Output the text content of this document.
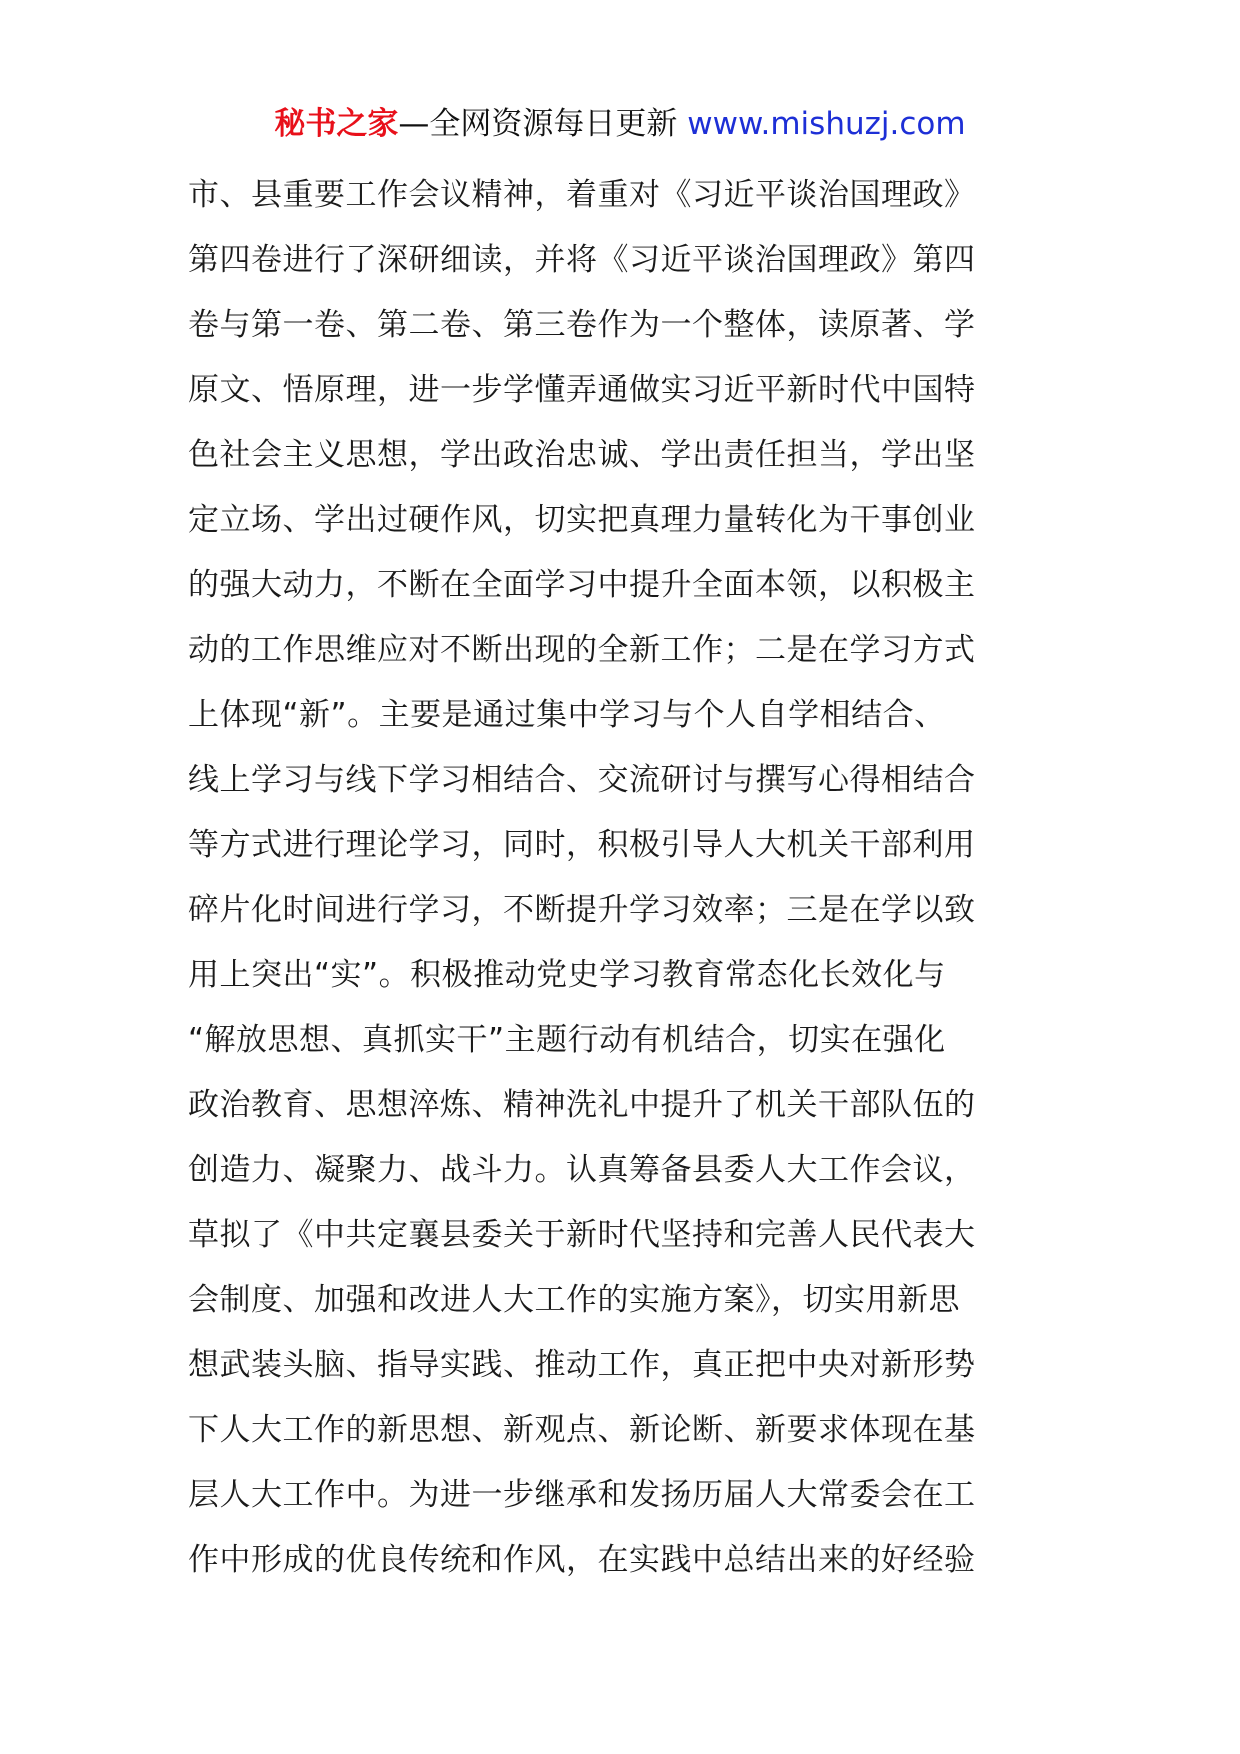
秘书之家—全网资源每日更新 www.mishuzj.com
市、县重要工作会议精神，着重对《习近平谈治国理政》
第四卷进行了深研细读，并将《习近平谈治国理政》第四
卷与第一卷、第二卷、第三卷作为一个整体，读原著、学
原文、悟原理，进一步学懂弄通做实习近平新时代中国特
色社会主义思想，学出政治忠诚、学出责任担当，学出坚
定立场、学出过硬作风，切实把真理力量转化为干事创业
的强大动力，不断在全面学习中提升全面本领，以积极主
动的工作思维应对不断出现的全新工作；二是在学习方式
上体现“新”。主要是通过集中学习与个人自学相结合、
线上学习与线下学习相结合、交流研讨与撰写心得相结合
等方式进行理论学习，同时，积极引导人大机关干部利用
碎片化时间进行学习，不断提升学习效率；三是在学以致
用上突出“实”。积极推动党史学习教育常态化长效化与
“解放思想、真抓实干”主题行动有机结合，切实在强化
政治教育、思想淬炼、精神洗礼中提升了机关干部队伍的
创造力、凝聚力、战斗力。认真筹备县委人大工作会议，
草拟了《中共定襄县委关于新时代坚持和完善人民代表大
会制度、加强和改进人大工作的实施方案》，切实用新思
想武装头脑、指导实践、推动工作，真正把中央对新形势
下人大工作的新思想、新观点、新论断、新要求体现在基
层人大工作中。为进一步继承和发扬历届人大常委会在工
作中形成的优良传统和作风，在实践中总结出来的好经验
